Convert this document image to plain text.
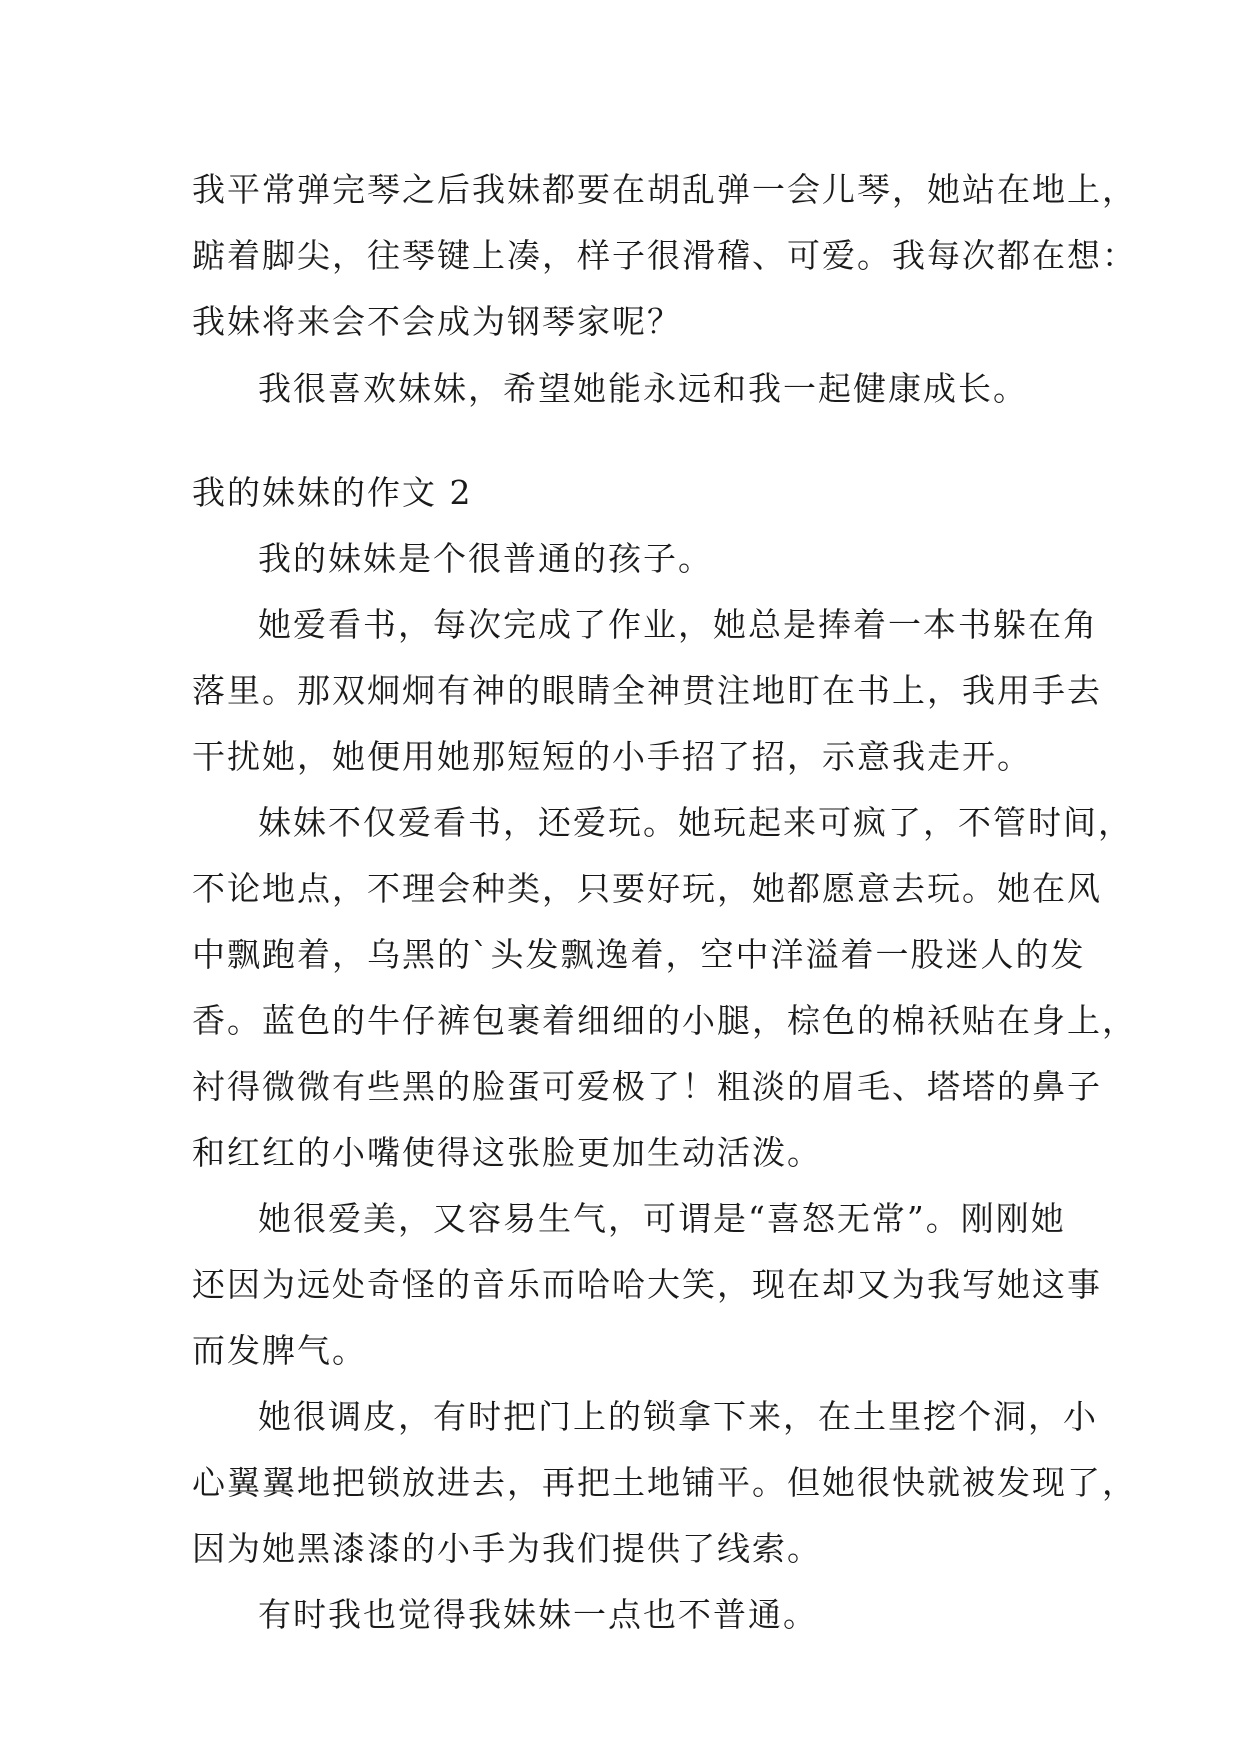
我平常弹完琴之后我妹都要在胡乱弹一会儿琴，她站在地上，
踮着脚尖，往琴键上凑，样子很滑稽、可爱。我每次都在想：
我妹将来会不会成为钢琴家呢？
我很喜欢妹妹，希望她能永远和我一起健康成长。
我的妹妹的作文 2
我的妹妹是个很普通的孩子。
她爱看书，每次完成了作业，她总是捧着一本书躲在角
落里。那双炯炯有神的眼睛全神贯注地盯在书上，我用手去
干扰她，她便用她那短短的小手招了招，示意我走开。
妹妹不仅爱看书，还爱玩。她玩起来可疯了，不管时间，
不论地点，不理会种类，只要好玩，她都愿意去玩。她在风
中飘跑着，乌黑的`头发飘逸着，空中洋溢着一股迷人的发
香。蓝色的牛仔裤包裹着细细的小腿，棕色的棉袄贴在身上，
衬得微微有些黑的脸蛋可爱极了！粗淡的眉毛、塔塔的鼻子
和红红的小嘴使得这张脸更加生动活泼。
她很爱美，又容易生气，可谓是“喜怒无常”。刚刚她
还因为远处奇怪的音乐而哈哈大笑，现在却又为我写她这事
而发脾气。
她很调皮，有时把门上的锁拿下来，在土里挖个洞，小
心翼翼地把锁放进去，再把土地铺平。但她很快就被发现了，
因为她黑漆漆的小手为我们提供了线索。
有时我也觉得我妹妹一点也不普通。
